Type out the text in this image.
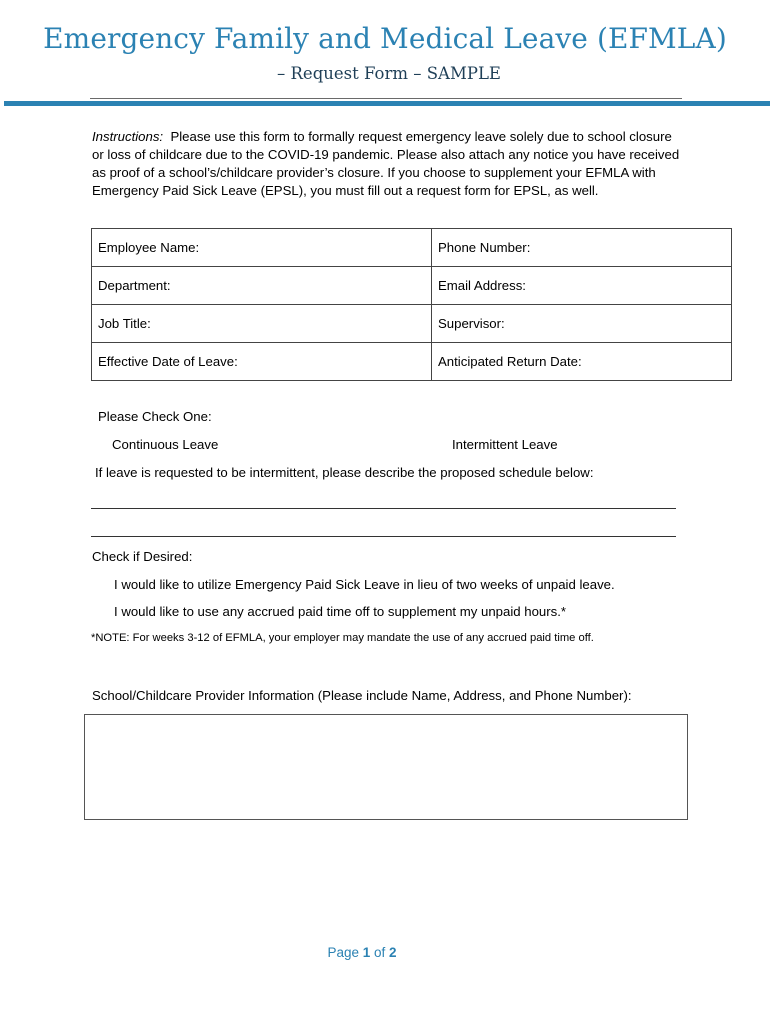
Emergency Family and Medical Leave (EFMLA)
– Request Form – SAMPLE
Instructions: Please use this form to formally request emergency leave solely due to school closure or loss of childcare due to the COVID-19 pandemic. Please also attach any notice you have received as proof of a school’s/childcare provider’s closure. If you choose to supplement your EFMLA with Emergency Paid Sick Leave (EPSL), you must fill out a request form for EPSL, as well.
Employee Name:	Phone Number:
Department:	Email Address:
Job Title:	Supervisor:
Effective Date of Leave:	Anticipated Return Date:
Please Check One:
Continuous Leave	Intermittent Leave
If leave is requested to be intermittent, please describe the proposed schedule below:
Check if Desired:
I would like to utilize Emergency Paid Sick Leave in lieu of two weeks of unpaid leave.
I would like to use any accrued paid time off to supplement my unpaid hours.*
*NOTE: For weeks 3-12 of EFMLA, your employer may mandate the use of any accrued paid time off.
School/Childcare Provider Information (Please include Name, Address, and Phone Number):
Page 1 of 2
